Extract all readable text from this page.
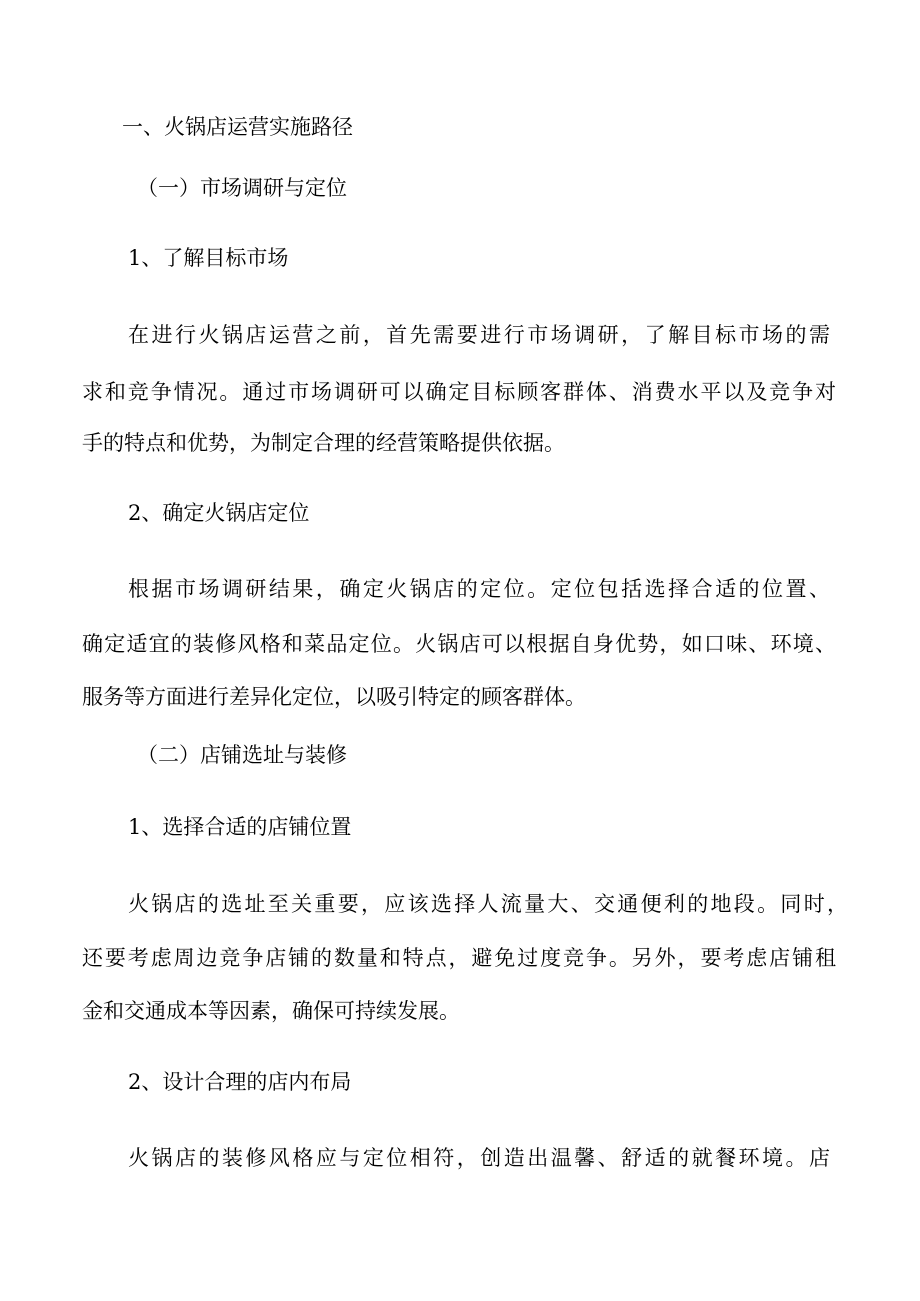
一、火锅店运营实施路径
（一）市场调研与定位
1、了解目标市场
在进行火锅店运营之前，首先需要进行市场调研，了解目标市场的需
求和竞争情况。通过市场调研可以确定目标顾客群体、消费水平以及竞争对
手的特点和优势，为制定合理的经营策略提供依据。
2、确定火锅店定位
根据市场调研结果，确定火锅店的定位。定位包括选择合适的位置、
确定适宜的装修风格和菜品定位。火锅店可以根据自身优势，如口味、环境、
服务等方面进行差异化定位，以吸引特定的顾客群体。
（二）店铺选址与装修
1、选择合适的店铺位置
火锅店的选址至关重要，应该选择人流量大、交通便利的地段。同时，
还要考虑周边竞争店铺的数量和特点，避免过度竞争。另外，要考虑店铺租
金和交通成本等因素，确保可持续发展。
2、设计合理的店内布局
火锅店的装修风格应与定位相符，创造出温馨、舒适的就餐环境。店
